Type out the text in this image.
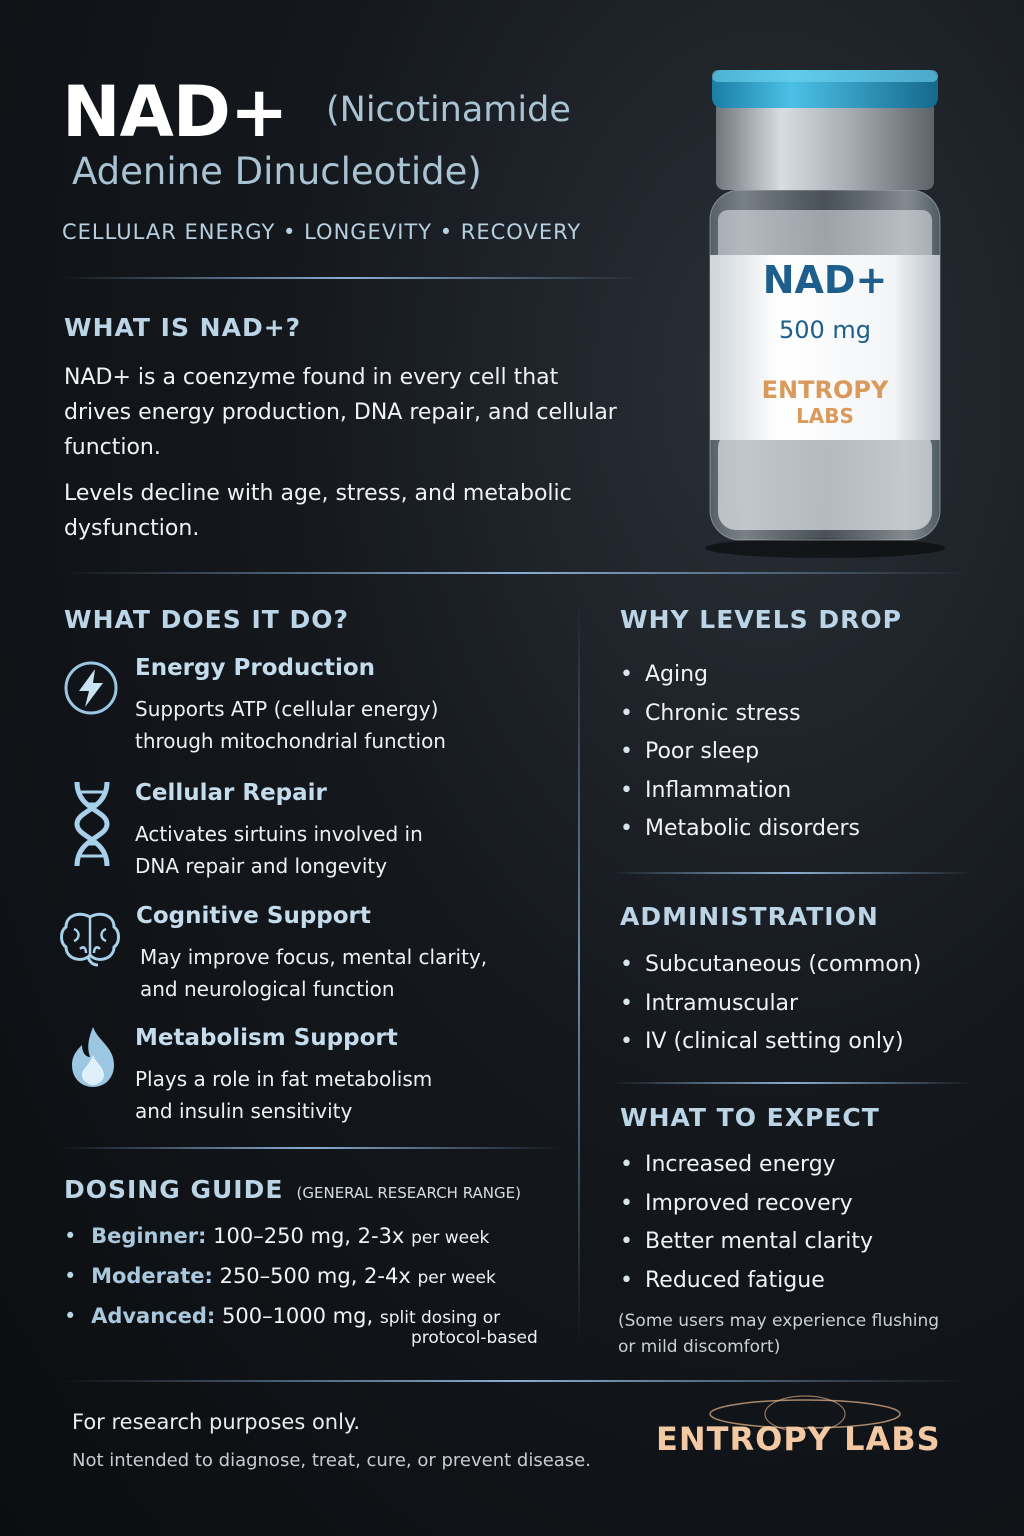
NAD+ (Nicotinamide
Adenine Dinucleotide)
CELLULAR ENERGY • LONGEVITY • RECOVERY
NAD+
500 mg
ENTROPY
LABS
WHAT IS NAD+?
NAD+ is a coenzyme found in every cell that drives energy production, DNA repair, and cellular function.
Levels decline with age, stress, and metabolic dysfunction.
WHAT DOES IT DO?
Energy Production
Supports ATP (cellular energy)
through mitochondrial function
Cellular Repair
Activates sirtuins involved in
DNA repair and longevity
Cognitive Support
May improve focus, mental clarity,
and neurological function
Metabolism Support
Plays a role in fat metabolism
and insulin sensitivity
DOSING GUIDE (GENERAL RESEARCH RANGE)
• Beginner: 100–250 mg, 2-3x per week
• Moderate: 250–500 mg, 2-4x per week
• Advanced: 500–1000 mg, split dosing or
protocol-based
WHY LEVELS DROP
• Aging
• Chronic stress
• Poor sleep
• Inflammation
• Metabolic disorders
ADMINISTRATION
• Subcutaneous (common)
• Intramuscular
• IV (clinical setting only)
WHAT TO EXPECT
• Increased energy
• Improved recovery
• Better mental clarity
• Reduced fatigue
(Some users may experience flushing
or mild discomfort)
For research purposes only.
Not intended to diagnose, treat, cure, or prevent disease.
ENTROPY LABS
